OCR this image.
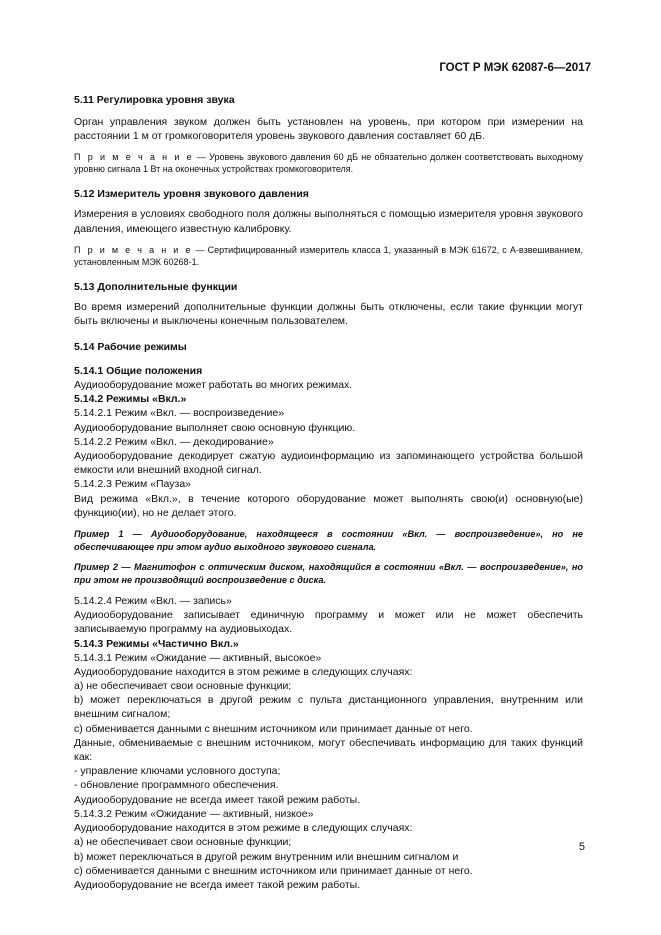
ГОСТ Р МЭК 62087-6—2017
5.11 Регулировка уровня звука
Орган управления звуком должен быть установлен на уровень, при котором при измерении на расстоянии 1 м от громкоговорителя уровень звукового давления составляет 60 дБ.
П р и м е ч а н и е — Уровень звукового давления 60 дБ не обязательно должен соответствовать выходному уровню сигнала 1 Вт на оконечных устройствах громкоговорителя.
5.12 Измеритель уровня звукового давления
Измерения в условиях свободного поля должны выполняться с помощью измерителя уровня звукового давления, имеющего известную калибровку.
П р и м е ч а н и е — Сертифицированный измеритель класса 1, указанный в МЭК 61672, с А-взвешиванием, установленным МЭК 60268-1.
5.13 Дополнительные функции
Во время измерений дополнительные функции должны быть отключены, если такие функции могут быть включены и выключены конечным пользователем.
5.14 Рабочие режимы
5.14.1 Общие положения
Аудиооборудование может работать во многих режимах.
5.14.2 Режимы «Вкл.»
5.14.2.1 Режим «Вкл. — воспроизведение»
Аудиооборудование выполняет свою основную функцию.
5.14.2.2 Режим «Вкл. — декодирование»
Аудиооборудование декодирует сжатую аудиоинформацию из запоминающего устройства большой емкости или внешний входной сигнал.
5.14.2.3 Режим «Пауза»
Вид режима «Вкл.», в течение которого оборудование может выполнять свою(и) основную(ые) функцию(ии), но не делает этого.
Пример 1 — Аудиооборудование, находящееся в состоянии «Вкл. — воспроизведение», но не обеспечивающее при этом аудио выходного звукового сигнала.
Пример 2 — Магнитофон с оптическим диском, находящийся в состоянии «Вкл. — воспроизведение», но при этом не производящий воспроизведение с диска.
5.14.2.4 Режим «Вкл. — запись»
Аудиооборудование записывает единичную программу и может или не может обеспечить записываемую программу на аудиовыходах.
5.14.3 Режимы «Частично Вкл.»
5.14.3.1 Режим «Ожидание — активный, высокое»
Аудиооборудование находится в этом режиме в следующих случаях:
а) не обеспечивает свои основные функции;
b) может переключаться в другой режим с пульта дистанционного управления, внутренним или внешним сигналом;
с) обменивается данными с внешним источником или принимает данные от него.
Данные, обмениваемые с внешним источником, могут обеспечивать информацию для таких функций как:
- управление ключами условного доступа;
- обновление программного обеспечения.
Аудиооборудование не всегда имеет такой режим работы.
5.14.3.2 Режим «Ожидание — активный, низкое»
Аудиооборудование находится в этом режиме в следующих случаях:
а) не обеспечивает свои основные функции;
b) может переключаться в другой режим внутренним или внешним сигналом и
с) обменивается данными с внешним источником или принимает данные от него.
Аудиооборудование не всегда имеет такой режим работы.
5
